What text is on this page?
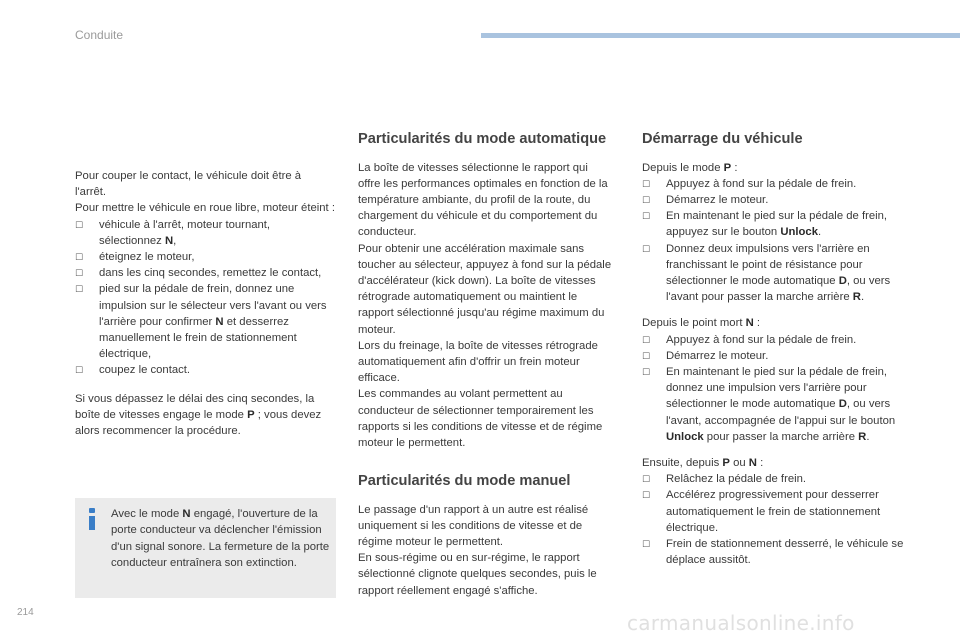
Conduite

Pour couper le contact, le véhicule doit être à l'arrêt.

Pour mettre le véhicule en roue libre, moteur éteint :

☐ véhicule à l'arrêt, moteur tournant, sélectionnez N,
☐ éteignez le moteur,
☐ dans les cinq secondes, remettez le contact,
☐ pied sur la pédale de frein, donnez une impulsion sur le sélecteur vers l'avant ou vers l'arrière pour confirmer N et desserrez manuellement le frein de stationnement électrique,
☐ coupez le contact.

Si vous dépassez le délai des cinq secondes, la boîte de vitesses engage le mode P ; vous devez alors recommencer la procédure.

Avec le mode N engagé, l'ouverture de la porte conducteur va déclencher l'émission d'un signal sonore. La fermeture de la porte conducteur entraînera son extinction.

Particularités du mode automatique

La boîte de vitesses sélectionne le rapport qui offre les performances optimales en fonction de la température ambiante, du profil de la route, du chargement du véhicule et du comportement du conducteur.

Pour obtenir une accélération maximale sans toucher au sélecteur, appuyez à fond sur la pédale d'accélérateur (kick down). La boîte de vitesses rétrograde automatiquement ou maintient le rapport sélectionné jusqu'au régime maximum du moteur.

Lors du freinage, la boîte de vitesses rétrograde automatiquement afin d'offrir un frein moteur efficace.

Les commandes au volant permettent au conducteur de sélectionner temporairement les rapports si les conditions de vitesse et de régime moteur le permettent.

Particularités du mode manuel

Le passage d'un rapport à un autre est réalisé uniquement si les conditions de vitesse et de régime moteur le permettent.

En sous-régime ou en sur-régime, le rapport sélectionné clignote quelques secondes, puis le rapport réellement engagé s'affiche.

Démarrage du véhicule

Depuis le mode P :

☐ Appuyez à fond sur la pédale de frein.
☐ Démarrez le moteur.
☐ En maintenant le pied sur la pédale de frein, appuyez sur le bouton Unlock.
☐ Donnez deux impulsions vers l'arrière en franchissant le point de résistance pour sélectionner le mode automatique D, ou vers l'avant pour passer la marche arrière R.

Depuis le point mort N :

☐ Appuyez à fond sur la pédale de frein.
☐ Démarrez le moteur.
☐ En maintenant le pied sur la pédale de frein, donnez une impulsion vers l'arrière pour sélectionner le mode automatique D, ou vers l'avant, accompagnée de l'appui sur le bouton Unlock pour passer la marche arrière R.

Ensuite, depuis P ou N :

☐ Relâchez la pédale de frein.
☐ Accélérez progressivement pour desserrer automatiquement le frein de stationnement électrique.
☐ Frein de stationnement desserré, le véhicule se déplace aussitôt.
214	carmanualsonline.info
